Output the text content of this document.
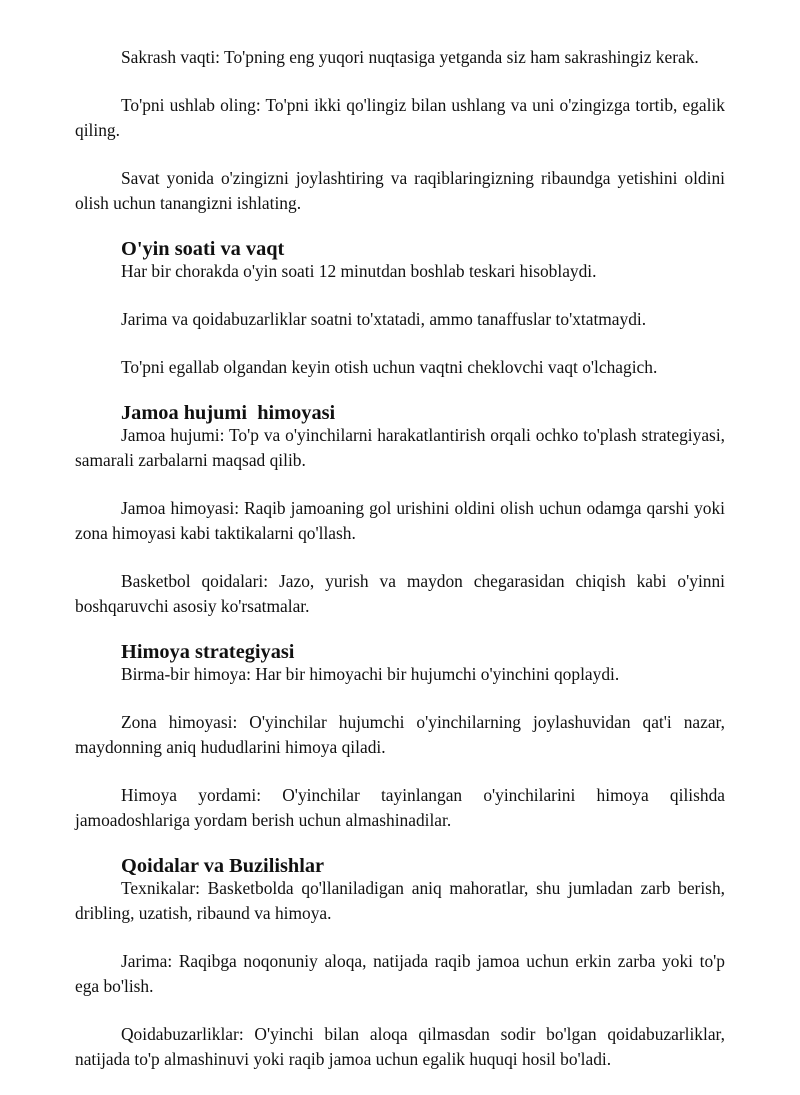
Sakrash vaqti: To'pning eng yuqori nuqtasiga yetganda siz ham sakrashingiz kerak.

To'pni ushlab oling: To'pni ikki qo'lingiz bilan ushlang va uni o'zingizga tortib, egalik qiling.

Savat yonida o'zingizni joylashtiring va raqiblaringizning ribaundga yetishini oldini olish uchun tanangizni ishlating.

O'yin soati va vaqt

Har bir chorakda o'yin soati 12 minutdan boshlab teskari hisoblaydi.

Jarima va qoidabuzarliklar soatni to'xtatadi, ammo tanaffuslar to'xtatmaydi.

To'pni egallab olgandan keyin otish uchun vaqtni cheklovchi vaqt o'lchagich.

Jamoa hujumi  himoyasi

Jamoa hujumi: To'p va o'yinchilarni harakatlantirish orqali ochko to'plash strategiyasi, samarali zarbalarni maqsad qilib.

Jamoa himoyasi: Raqib jamoaning gol urishini oldini olish uchun odamga qarshi yoki zona himoyasi kabi taktikalarni qo'llash.

Basketbol qoidalari: Jazo, yurish va maydon chegarasidan chiqish kabi o'yinni boshqaruvchi asosiy ko'rsatmalar.

Himoya strategiyasi

Birma-bir himoya: Har bir himoyachi bir hujumchi o'yinchini qoplaydi.

Zona himoyasi: O'yinchilar hujumchi o'yinchilarning joylashuvidan qat'i nazar, maydonning aniq hududlarini himoya qiladi.

Himoya yordami: O'yinchilar tayinlangan o'yinchilarini himoya qilishda jamoadoshlariga yordam berish uchun almashinadilar.

Qoidalar va Buzilishlar

Texnikalar: Basketbolda qo'llaniladigan aniq mahoratlar, shu jumladan zarb berish, dribling, uzatish, ribaund va himoya.

Jarima: Raqibga noqonuniy aloqa, natijada raqib jamoa uchun erkin zarba yoki to'p ega bo'lish.

Qoidabuzarliklar: O'yinchi bilan aloqa qilmasdan sodir bo'lgan qoidabuzarliklar, natijada to'p almashinuvi yoki raqib jamoa uchun egalik huquqi hosil bo'ladi.
